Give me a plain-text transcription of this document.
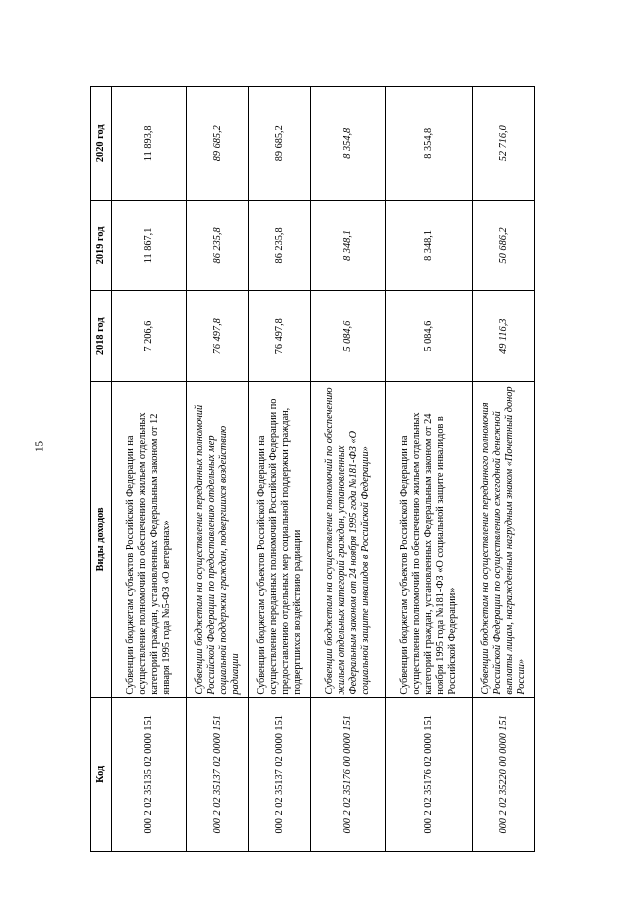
15
Код	Виды доходов	2018 год	2019 год	2020 год
000 2 02 35135 02 0000 151	Субвенции бюджетам субъектов Российской Федерации на осуществление полномочий по обеспечению жильем отдельных категорий граждан, установленных Федеральным законом от 12 января 1995 года №5-ФЗ «О ветеранах»	7 206,6	11 867,1	11 893,8
000 2 02 35137 02 0000 151	Субвенции бюджетам на осуществление переданных полномочий Российской Федерации по предоставлению отдельных мер социальной поддержки граждан, подвергшихся воздействию радиации	76 497,8	86 235,8	89 685,2
000 2 02 35137 02 0000 151	Субвенции бюджетам субъектов Российской Федерации на осуществление переданных полномочий Российской Федерации по предоставлению отдельных мер социальной поддержки граждан, подвергшихся воздействию радиации	76 497,8	86 235,8	89 685,2
000 2 02 35176 00 0000 151	Субвенции бюджетам на осуществление полномочий по обеспечению жильем отдельных категорий граждан, установленных Федеральным законом от 24 ноября 1995 года №181-ФЗ «О социальной защите инвалидов в Российской Федерации»	5 084,6	8 348,1	8 354,8
000 2 02 35176 02 0000 151	Субвенции бюджетам субъектов Российской Федерации на осуществление полномочий по обеспечению жильем отдельных категорий граждан, установленных Федеральным законом от 24 ноября 1995 года №181-ФЗ «О социальной защите инвалидов в Российской Федерации»	5 084,6	8 348,1	8 354,8
000 2 02 35220 00 0000 151	Субвенции бюджетам на осуществление переданного полномочия Российской Федерации по осуществлению ежегодной денежной выплаты лицам, награжденным нагрудным знаком «Почетный донор России»	49 116,3	50 686,2	52 716,0
